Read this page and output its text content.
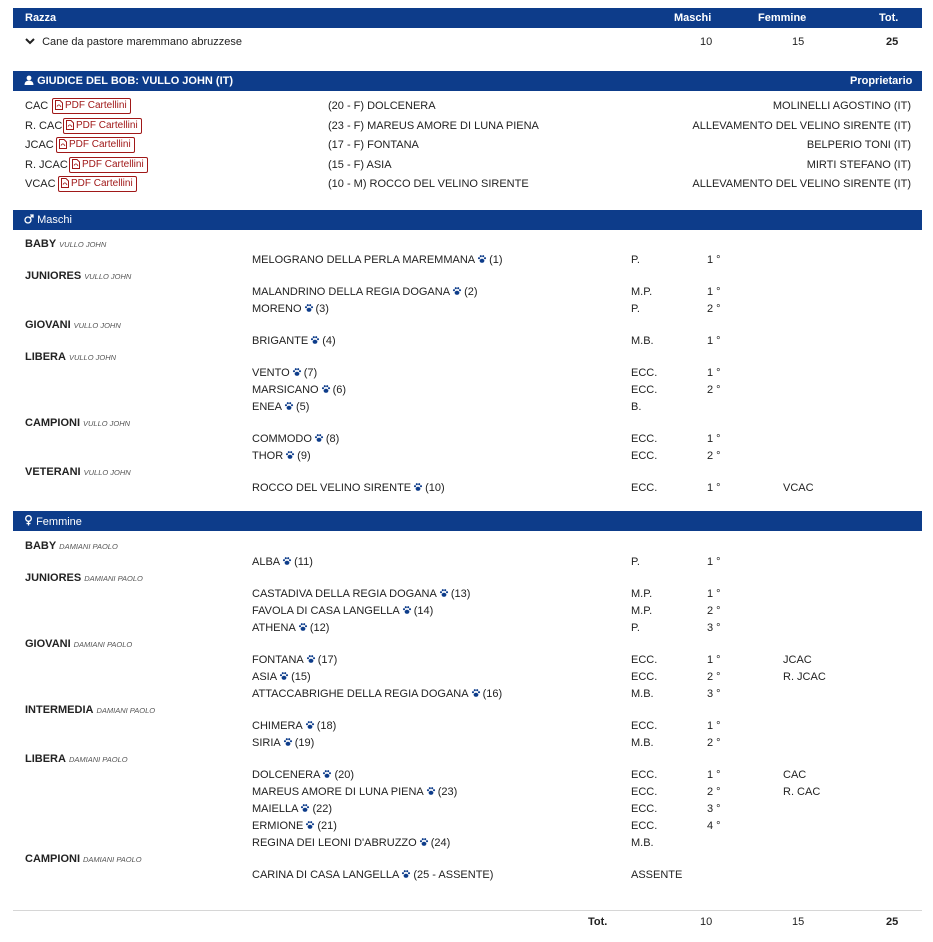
Razza	Maschi	Femmine	Tot.
Cane da pastore maremmano abruzzese	10	15	25
GIUDICE DEL BOB: VULLO JOHN (IT)	Proprietario
CAC	PDF Cartellini	(20 - F) DOLCENERA	MOLINELLI AGOSTINO (IT)
R. CAC	PDF Cartellini	(23 - F) MAREUS AMORE DI LUNA PIENA	ALLEVAMENTO DEL VELINO SIRENTE (IT)
JCAC	PDF Cartellini	(17 - F) FONTANA	BELPERIO TONI (IT)
R. JCAC	PDF Cartellini	(15 - F) ASIA	MIRTI STEFANO (IT)
VCAC	PDF Cartellini	(10 - M) ROCCO DEL VELINO SIRENTE	ALLEVAMENTO DEL VELINO SIRENTE (IT)
Maschi
BABY VULLO JOHN
MELOGRANO DELLA PERLA MAREMMANA (1)	P.	1 °
JUNIORES VULLO JOHN
MALANDRINO DELLA REGIA DOGANA (2)	M.P.	1 °
MORENO (3)	P.	2 °
GIOVANI VULLO JOHN
BRIGANTE (4)	M.B.	1 °
LIBERA VULLO JOHN
VENTO (7)	ECC.	1 °
MARSICANO (6)	ECC.	2 °
ENEA (5)	B.
CAMPIONI VULLO JOHN
COMMODO (8)	ECC.	1 °
THOR (9)	ECC.	2 °
VETERANI VULLO JOHN
ROCCO DEL VELINO SIRENTE (10)	ECC.	1 °	VCAC
Femmine
BABY DAMIANI PAOLO
ALBA (11)	P.	1 °
JUNIORES DAMIANI PAOLO
CASTADIVA DELLA REGIA DOGANA (13)	M.P.	1 °
FAVOLA DI CASA LANGELLA (14)	M.P.	2 °
ATHENA (12)	P.	3 °
GIOVANI DAMIANI PAOLO
FONTANA (17)	ECC.	1 °	JCAC
ASIA (15)	ECC.	2 °	R. JCAC
ATTACCABRIGHE DELLA REGIA DOGANA (16)	M.B.	3 °
INTERMEDIA DAMIANI PAOLO
CHIMERA (18)	ECC.	1 °
SIRIA (19)	M.B.	2 °
LIBERA DAMIANI PAOLO
DOLCENERA (20)	ECC.	1 °	CAC
MAREUS AMORE DI LUNA PIENA (23)	ECC.	2 °	R. CAC
MAIELLA (22)	ECC.	3 °
ERMIONE (21)	ECC.	4 °
REGINA DEI LEONI D'ABRUZZO (24)	M.B.
CAMPIONI DAMIANI PAOLO
CARINA DI CASA LANGELLA (25 - ASSENTE)	ASSENTE
Tot.	10	15	25
